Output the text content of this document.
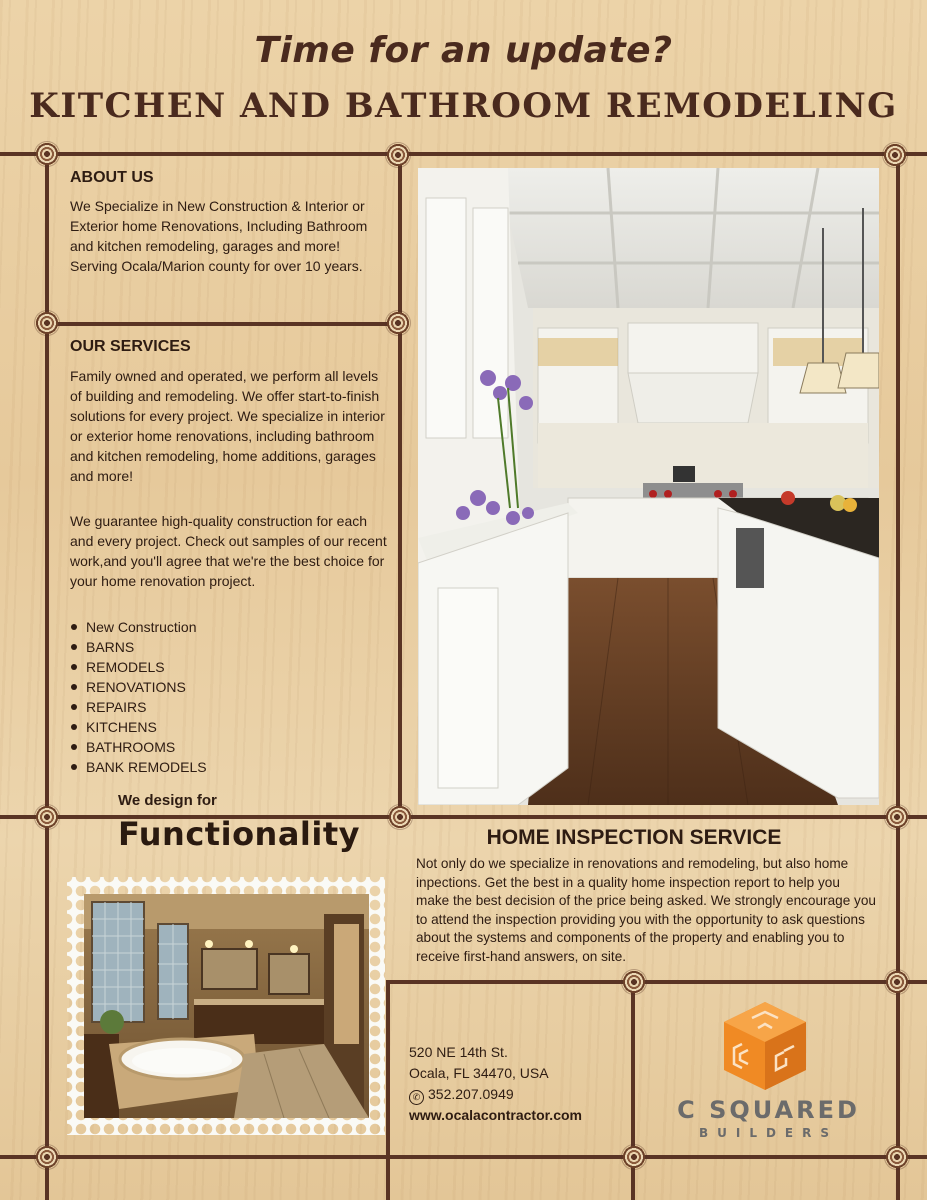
Time for an update?
KITCHEN AND BATHROOM REMODELING
ABOUT US
We Specialize in New Construction & Interior or Exterior home Renovations, Including Bathroom and kitchen remodeling, garages and more! Serving Ocala/Marion county for over 10 years.
OUR SERVICES
Family owned and operated, we perform all levels of building and remodeling. We offer start-to-finish solutions for every project. We specialize in interior or exterior home renovations, including bathroom and kitchen remodeling, home additions, garages and more!
We guarantee high-quality construction for each and every project. Check out samples of our recent work,and you'll agree that we're the best choice for your home renovation project.
New Construction
BARNS
REMODELS
RENOVATIONS
REPAIRS
KITCHENS
BATHROOMS
BANK REMODELS
We design for
Functionality	HOME INSPECTION SERVICE
Not only do we specialize in renovations and remodeling, but also home inpections. Get the best in a quality home inspection report to help you make the best decision of the price being asked. We strongly encourage you to attend the inspection providing you with the opportunity to ask questions about the systems and components of the property and enabling you to receive first-hand answers, on site.
520 NE 14th St.
Ocala, FL 34470, USA
✆ 352.207.0949
www.ocalacontractor.com	C SQUARED
BUILDERS
